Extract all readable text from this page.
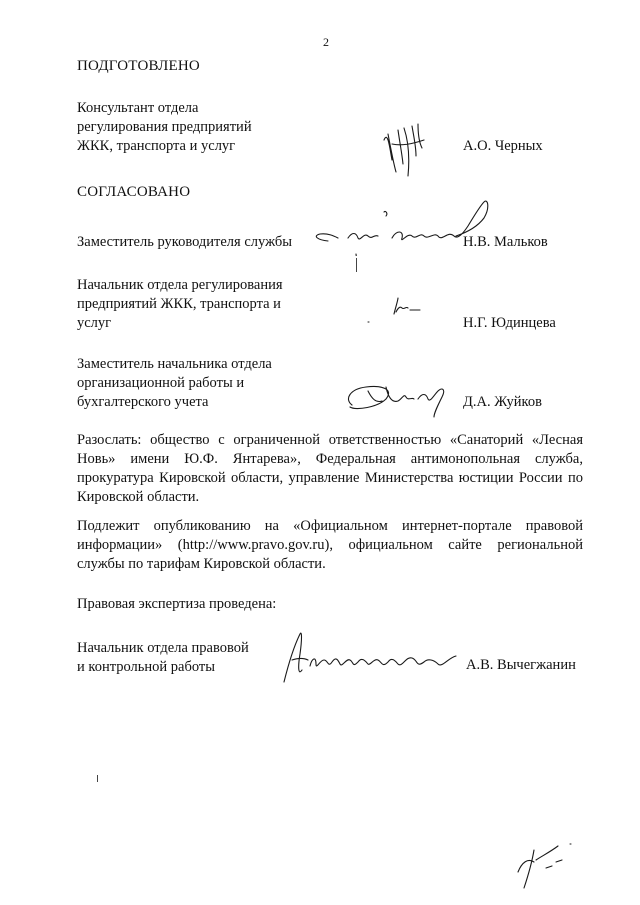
2
ПОДГОТОВЛЕНО
Консультант отдела
регулирования предприятий
ЖКК, транспорта и услуг	А.О. Черных
СОГЛАСОВАНО
Заместитель руководителя службы	Н.В. Мальков
Начальник отдела регулирования
предприятий ЖКК, транспорта и
услуг	Н.Г. Юдинцева
Заместитель начальника отдела
организационной работы и
бухгалтерского учета	Д.А. Жуйков
Разослать: общество с ограниченной ответственностью «Санаторий «Лесная Новь» имени Ю.Ф. Янтарева», Федеральная антимонопольная служба, прокуратура Кировской области, управление Министерства юстиции России по Кировской области.
Подлежит опубликованию на «Официальном интернет-портале правовой информации» (http://www.pravo.gov.ru), официальном сайте региональной службы по тарифам Кировской области.
Правовая экспертиза проведена:
Начальник отдела правовой
и контрольной работы	А.В. Вычегжанин
